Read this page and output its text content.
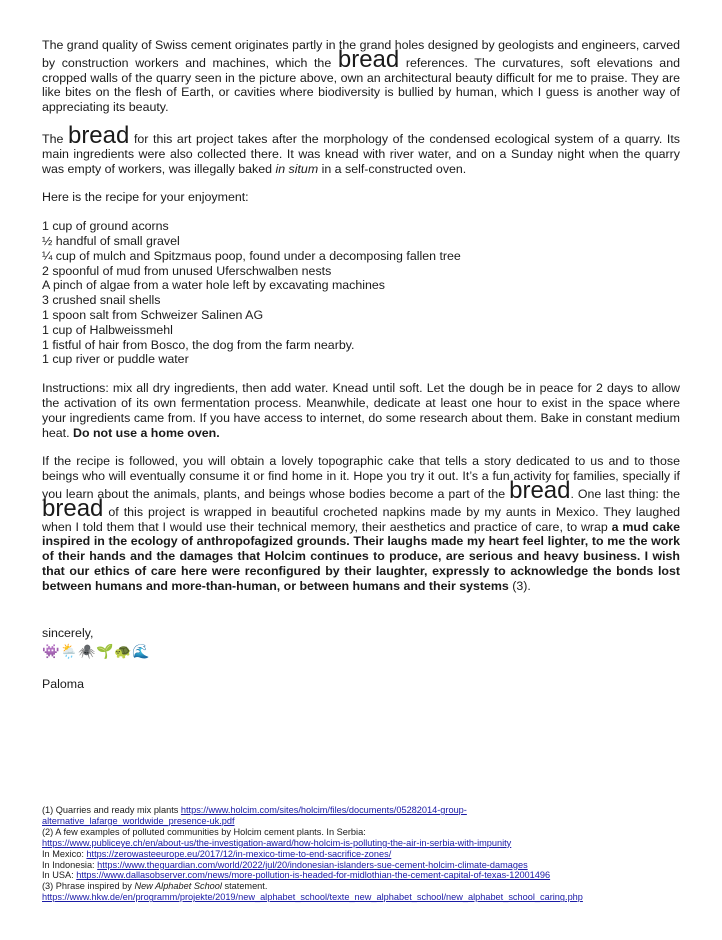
The grand quality of Swiss cement originates partly in the grand holes designed by geologists and engineers, carved by construction workers and machines, which the bread references. The curvatures, soft elevations and cropped walls of the quarry seen in the picture above, own an architectural beauty difficult for me to praise. They are like bites on the flesh of Earth, or cavities where biodiversity is bullied by human, which I guess is another way of appreciating its beauty.

The bread for this art project takes after the morphology of the condensed ecological system of a quarry. Its main ingredients were also collected there. It was knead with river water, and on a Sunday night when the quarry was empty of workers, was illegally baked in situm in a self-constructed oven.

Here is the recipe for your enjoyment:

1 cup of ground acorns
½ handful of small gravel
¼ cup of mulch and Spitzmaus poop, found under a decomposing fallen tree
2 spoonful of mud from unused Uferschwalben nests
A pinch of algae from a water hole left by excavating machines
3 crushed snail shells
1 spoon salt from Schweizer Salinen AG
1 cup of Halbweissmehl
1 fistful of hair from Bosco, the dog from the farm nearby.
1 cup river or puddle water

Instructions: mix all dry ingredients, then add water. Knead until soft. Let the dough be in peace for 2 days to allow the activation of its own fermentation process. Meanwhile, dedicate at least one hour to exist in the space where your ingredients came from. If you have access to internet, do some research about them. Bake in constant medium heat. Do not use a home oven.

If the recipe is followed, you will obtain a lovely topographic cake that tells a story dedicated to us and to those beings who will eventually consume it or find home in it. Hope you try it out. It’s a fun activity for families, specially if you learn about the animals, plants, and beings whose bodies become a part of the bread. One last thing: the bread of this project is wrapped in beautiful crocheted napkins made by my aunts in Mexico. They laughed when I told them that I would use their technical memory, their aesthetics and practice of care, to wrap a mud cake inspired in the ecology of anthropofagized grounds. Their laughs made my heart feel lighter, to me the work of their hands and the damages that Holcim continues to produce, are serious and heavy business. I wish that our ethics of care here were reconfigured by their laughter, expressly to acknowledge the bonds lost between humans and more-than-human, or between humans and their systems (3).

sincerely,

👾🌦️🕷️🌱🐢🌊

Paloma

(1) Quarries and ready mix plants https://www.holcim.com/sites/holcim/files/documents/05282014-group-
alternative_lafarge_worldwide_presence-uk.pdf
(2) A few examples of polluted communities by Holcim cement plants. In Serbia:
https://www.publiceye.ch/en/about-us/the-investigation-award/how-holcim-is-polluting-the-air-in-serbia-with-impunity
In Mexico: https://zerowasteeurope.eu/2017/12/in-mexico-time-to-end-sacrifice-zones/
In Indonesia: https://www.theguardian.com/world/2022/jul/20/indonesian-islanders-sue-cement-holcim-climate-damages
In USA: https://www.dallasobserver.com/news/more-pollution-is-headed-for-midlothian-the-cement-capital-of-texas-12001496
(3) Phrase inspired by New Alphabet School statement.
https://www.hkw.de/en/programm/projekte/2019/new_alphabet_school/texte_new_alphabet_school/new_alphabet_school_caring.php
